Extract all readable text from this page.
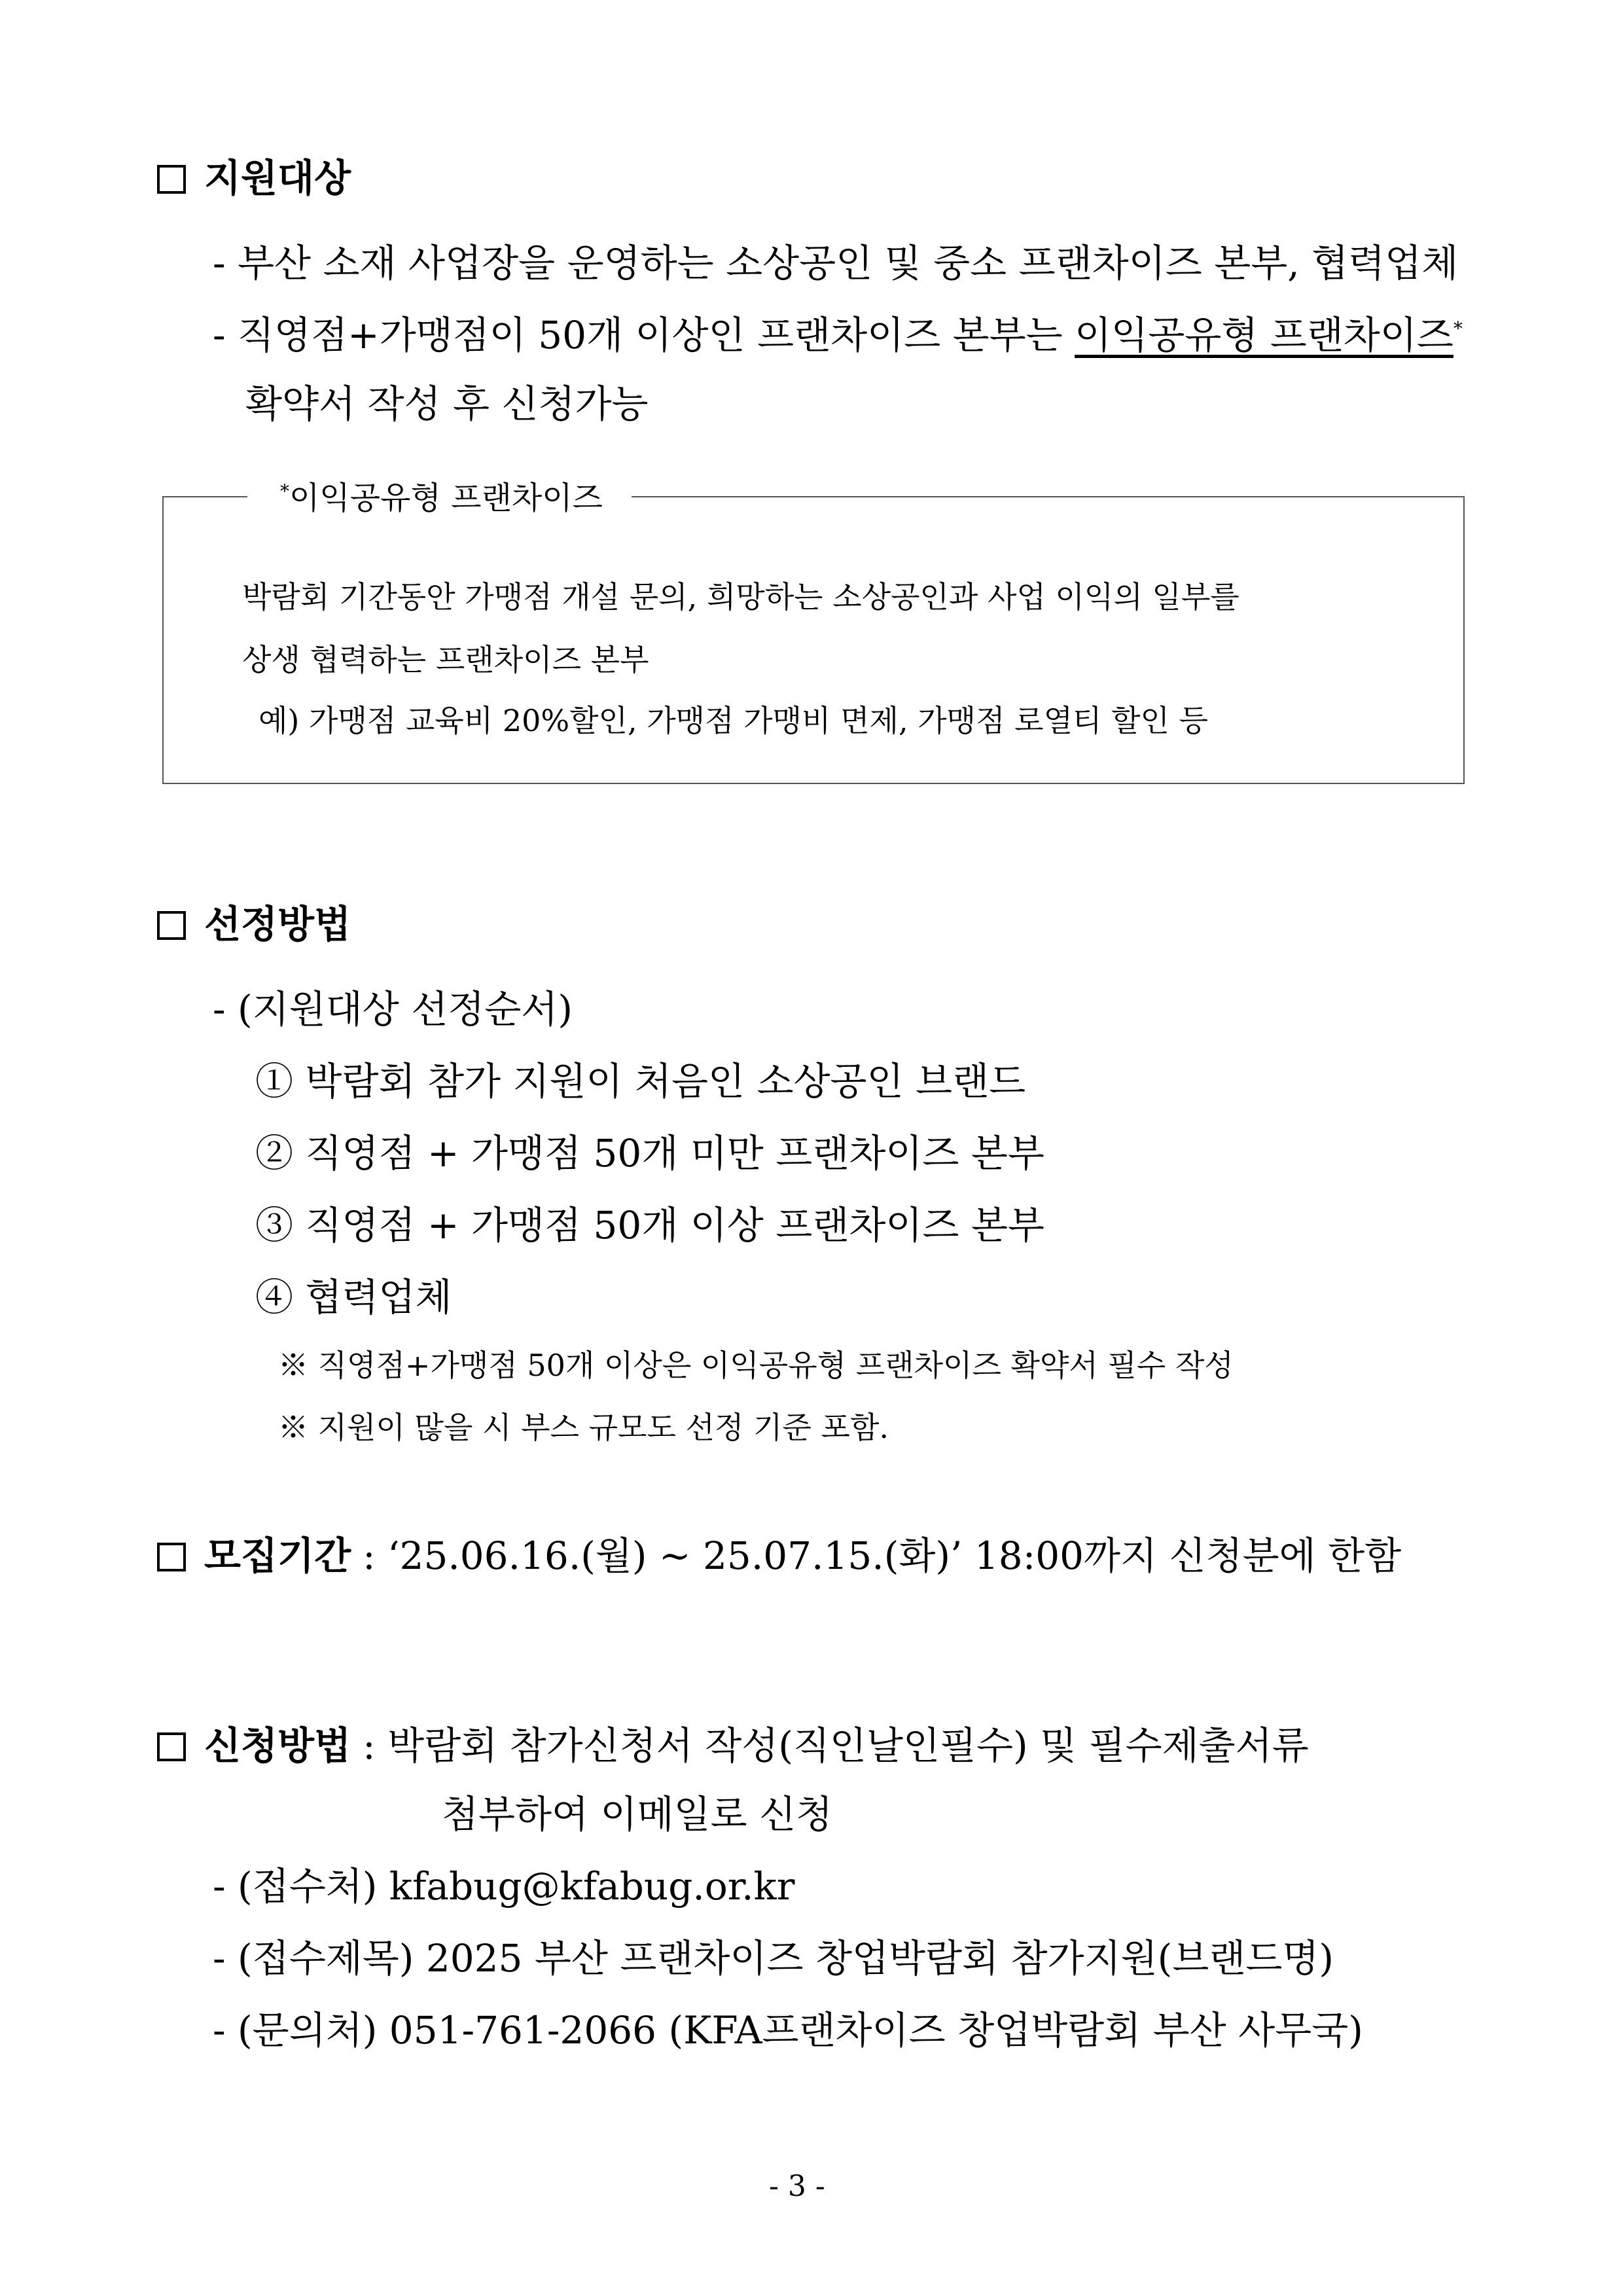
지원대상
- 부산 소재 사업장을 운영하는 소상공인 및 중소 프랜차이즈 본부, 협력업체
- 직영점+가맹점이 50개 이상인 프랜차이즈 본부는 이익공유형 프랜차이즈*
확약서 작성 후 신청가능
*이익공유형 프랜차이즈
박람회 기간동안 가맹점 개설 문의, 희망하는 소상공인과 사업 이익의 일부를
상생 협력하는 프랜차이즈 본부
예) 가맹점 교육비 20%할인, 가맹점 가맹비 면제, 가맹점 로열티 할인 등
선정방법
- (지원대상 선정순서)
① 박람회 참가 지원이 처음인 소상공인 브랜드
② 직영점 + 가맹점 50개 미만 프랜차이즈 본부
③ 직영점 + 가맹점 50개 이상 프랜차이즈 본부
④ 협력업체
※ 직영점+가맹점 50개 이상은 이익공유형 프랜차이즈 확약서 필수 작성
※ 지원이 많을 시 부스 규모도 선정 기준 포함.
모집기간 : ‘25.06.16.(월) ~ 25.07.15.(화)’ 18:00까지 신청분에 한함
신청방법 : 박람회 참가신청서 작성(직인날인필수) 및 필수제출서류
첨부하여 이메일로 신청
- (접수처) kfabug@kfabug.or.kr
- (접수제목) 2025 부산 프랜차이즈 창업박람회 참가지원(브랜드명)
- (문의처) 051-761-2066 (KFA프랜차이즈 창업박람회 부산 사무국)
- 3 -
